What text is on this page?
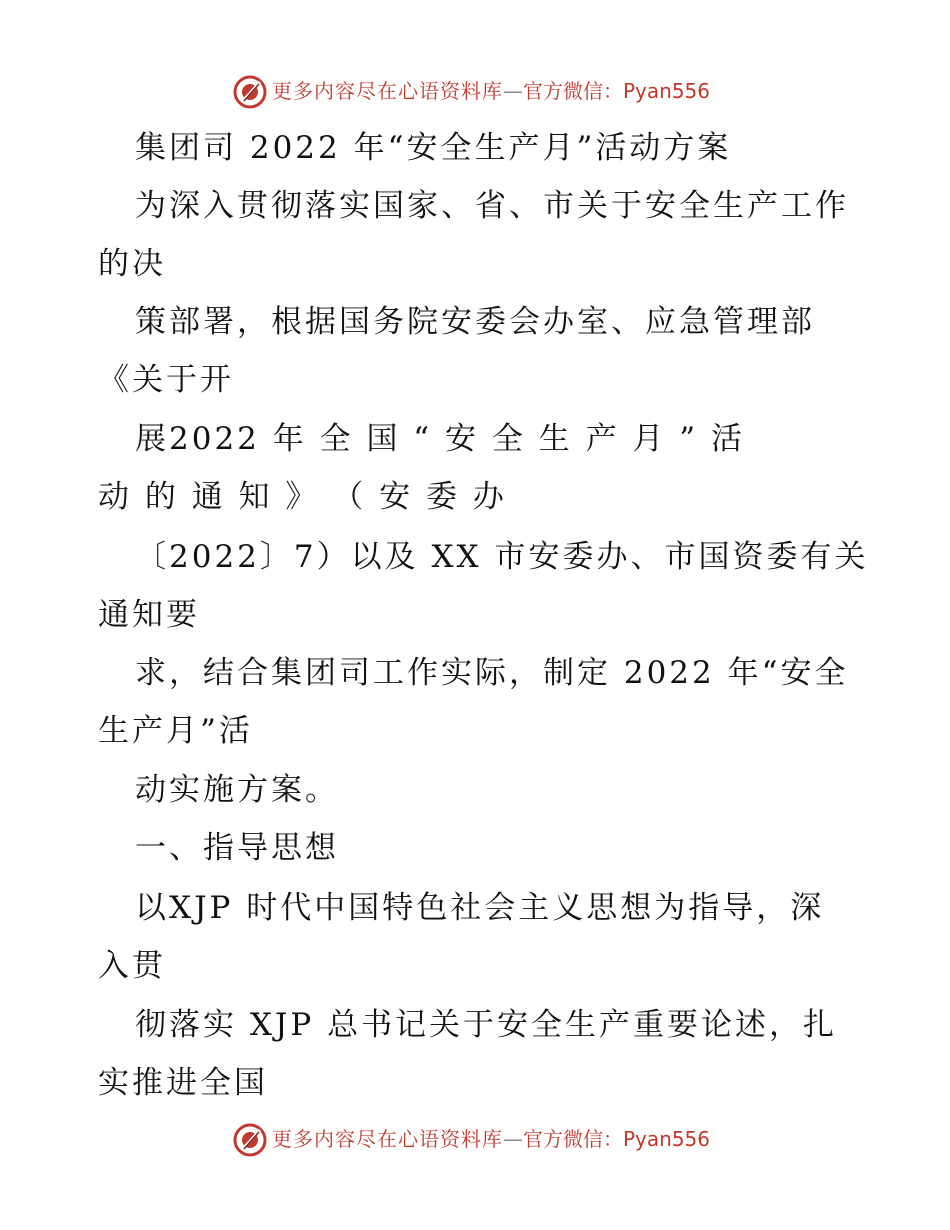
更多内容尽在心语资料库—官方微信：Pyan556
集团司 2022 年“安全生产月”活动方案
为深入贯彻落实国家、省、市关于安全生产工作
的决
策部署，根据国务院安委会办室、应急管理部
《关于开
展2022 年 全 国 “ 安 全 生 产 月 ” 活
动 的 通 知 》 （ 安 委 办
〔2022〕7）以及 XX 市安委办、市国资委有关
通知要
求，结合集团司工作实际，制定 2022 年“安全
生产月”活
动实施方案。
一、指导思想
以XJP 时代中国特色社会主义思想为指导，深
入贯
彻落实 XJP 总书记关于安全生产重要论述，扎
实推进全国
更多内容尽在心语资料库—官方微信：Pyan556
